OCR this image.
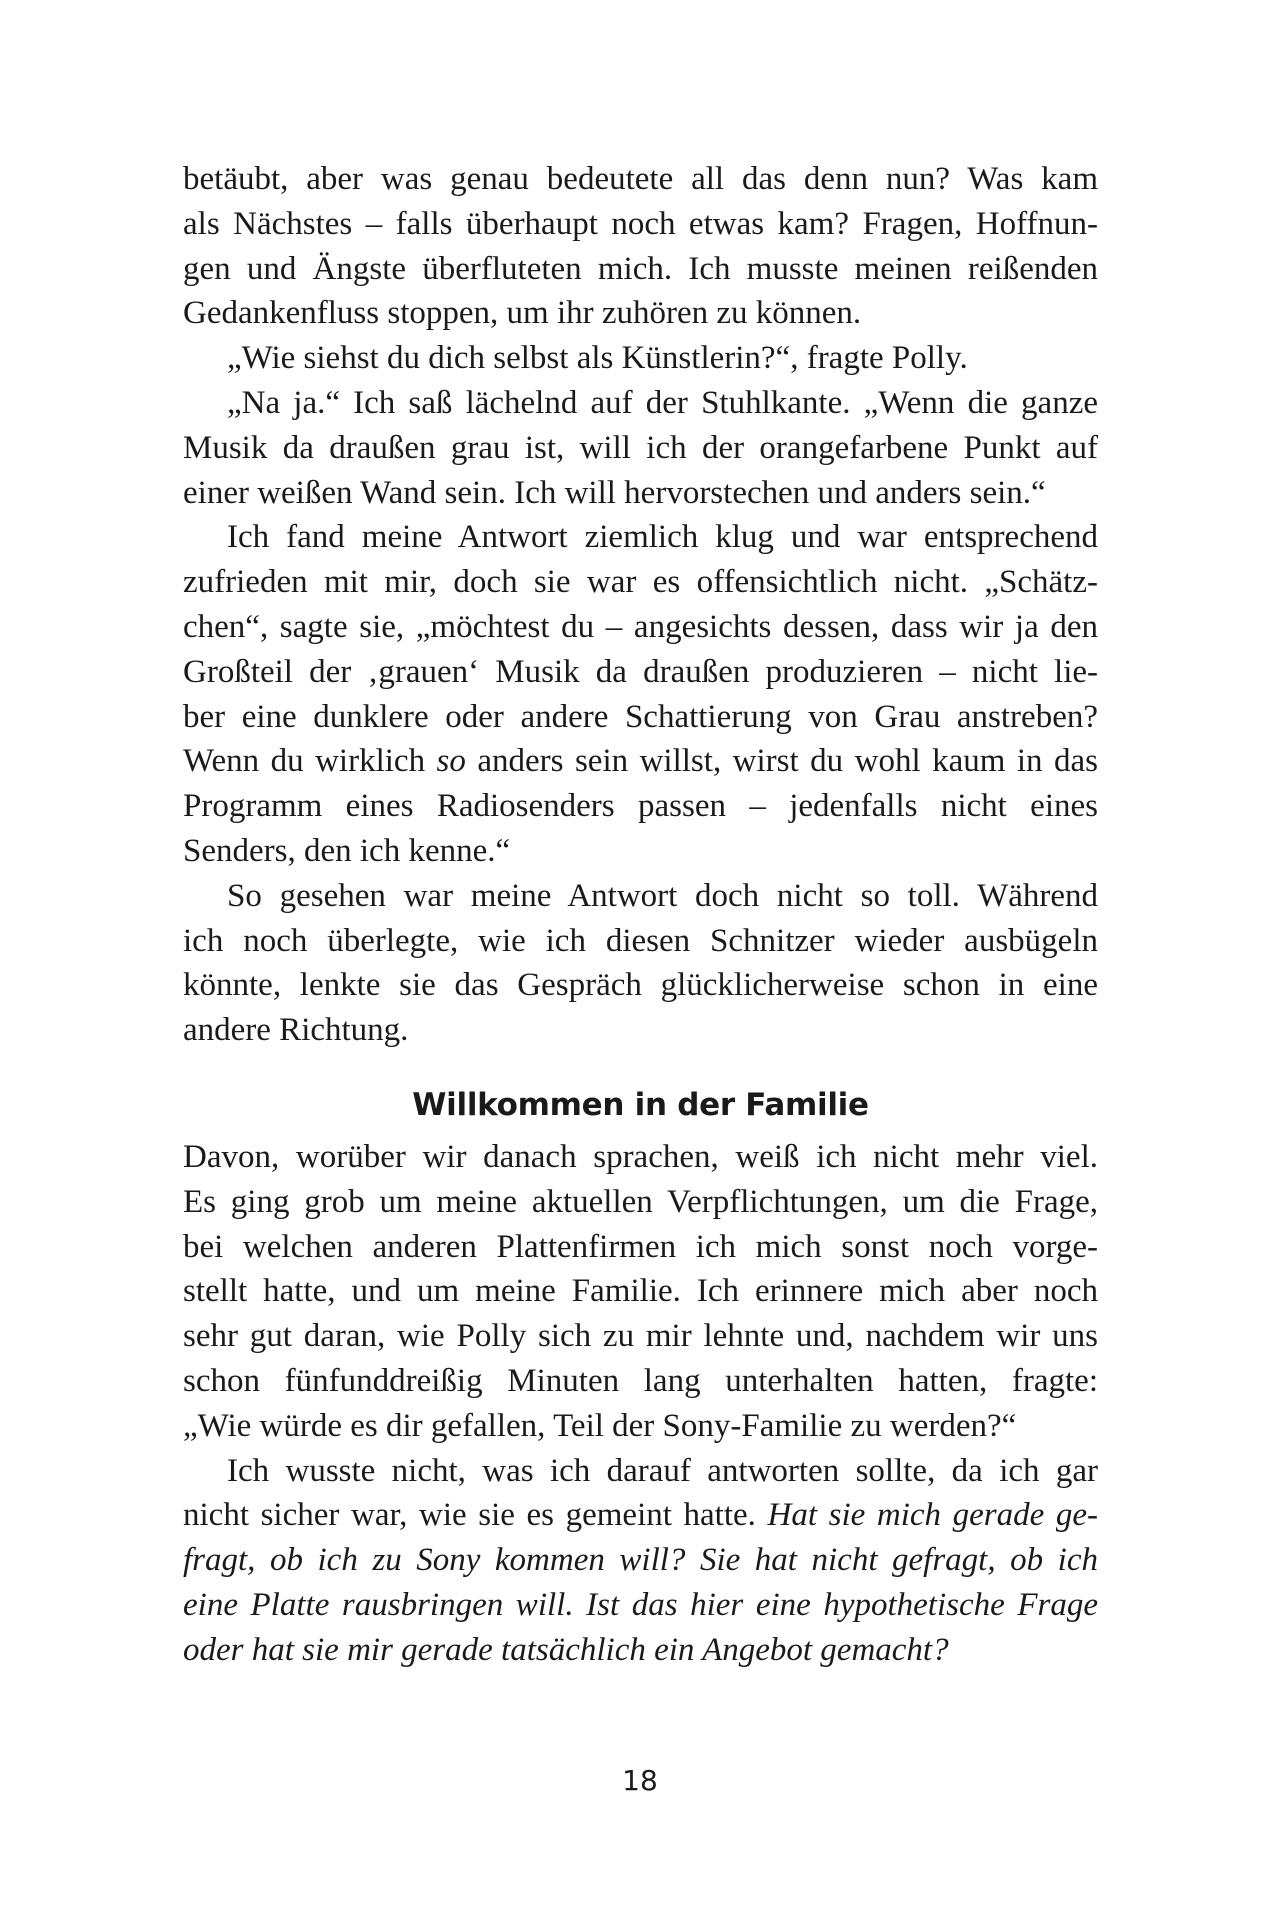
betäubt, aber was genau bedeutete all das denn nun? Was kam
als Nächstes – falls überhaupt noch etwas kam? Fragen, Hoffnun-
gen und Ängste überfluteten mich. Ich musste meinen reißenden
Gedankenfluss stoppen, um ihr zuhören zu können.
„Wie siehst du dich selbst als Künstlerin?“, fragte Polly.
„Na ja.“ Ich saß lächelnd auf der Stuhlkante. „Wenn die ganze
Musik da draußen grau ist, will ich der orangefarbene Punkt auf
einer weißen Wand sein. Ich will hervorstechen und anders sein.“
Ich fand meine Antwort ziemlich klug und war entsprechend
zufrieden mit mir, doch sie war es offensichtlich nicht. „Schätz-
chen“, sagte sie, „möchtest du – angesichts dessen, dass wir ja den
Großteil der ‚grauen‘ Musik da draußen produzieren – nicht lie-
ber eine dunklere oder andere Schattierung von Grau anstreben?
Wenn du wirklich so anders sein willst, wirst du wohl kaum in das
Programm eines Radiosenders passen – jedenfalls nicht eines
Senders, den ich kenne.“
So gesehen war meine Antwort doch nicht so toll. Während
ich noch überlegte, wie ich diesen Schnitzer wieder ausbügeln
könnte, lenkte sie das Gespräch glücklicherweise schon in eine
andere Richtung.
Willkommen in der Familie
Davon, worüber wir danach sprachen, weiß ich nicht mehr viel.
Es ging grob um meine aktuellen Verpflichtungen, um die Frage,
bei welchen anderen Plattenfirmen ich mich sonst noch vorge-
stellt hatte, und um meine Familie. Ich erinnere mich aber noch
sehr gut daran, wie Polly sich zu mir lehnte und, nachdem wir uns
schon fünfunddreißig Minuten lang unterhalten hatten, fragte:
„Wie würde es dir gefallen, Teil der Sony-Familie zu werden?“
Ich wusste nicht, was ich darauf antworten sollte, da ich gar
nicht sicher war, wie sie es gemeint hatte. Hat sie mich gerade ge-
fragt, ob ich zu Sony kommen will? Sie hat nicht gefragt, ob ich
eine Platte rausbringen will. Ist das hier eine hypothetische Frage
oder hat sie mir gerade tatsächlich ein Angebot gemacht?
18
